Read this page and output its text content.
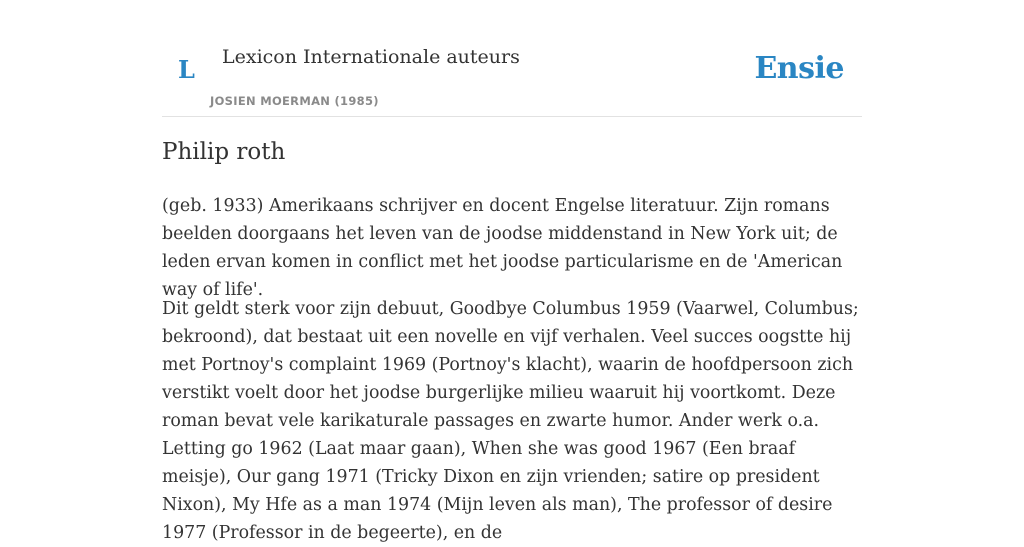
L Lexicon Internationale auteurs
JOSIEN MOERMAN (1985)
Ensie
Philip roth

(geb. 1933) Amerikaans schrijver en docent Engelse literatuur. Zijn romans beelden doorgaans het leven van de joodse middenstand in New York uit; de leden ervan komen in conflict met het joodse particularisme en de 'American way of life'.

Dit geldt sterk voor zijn debuut, Goodbye Columbus 1959 (Vaarwel, Columbus; bekroond), dat bestaat uit een novelle en vijf verhalen. Veel succes oogstte hij met Portnoy's complaint 1969 (Portnoy's klacht), waarin de hoofdpersoon zich verstikt voelt door het joodse burgerlijke milieu waaruit hij voortkomt. Deze roman bevat vele karikaturale passages en zwarte humor. Ander werk o.a. Letting go 1962 (Laat maar gaan), When she was good 1967 (Een braaf meisje), Our gang 1971 (Tricky Dixon en zijn vrienden; satire op president Nixon), My Hfe as a man 1974 (Mijn leven als man), The professor of desire 1977 (Professor in de begeerte), en de
